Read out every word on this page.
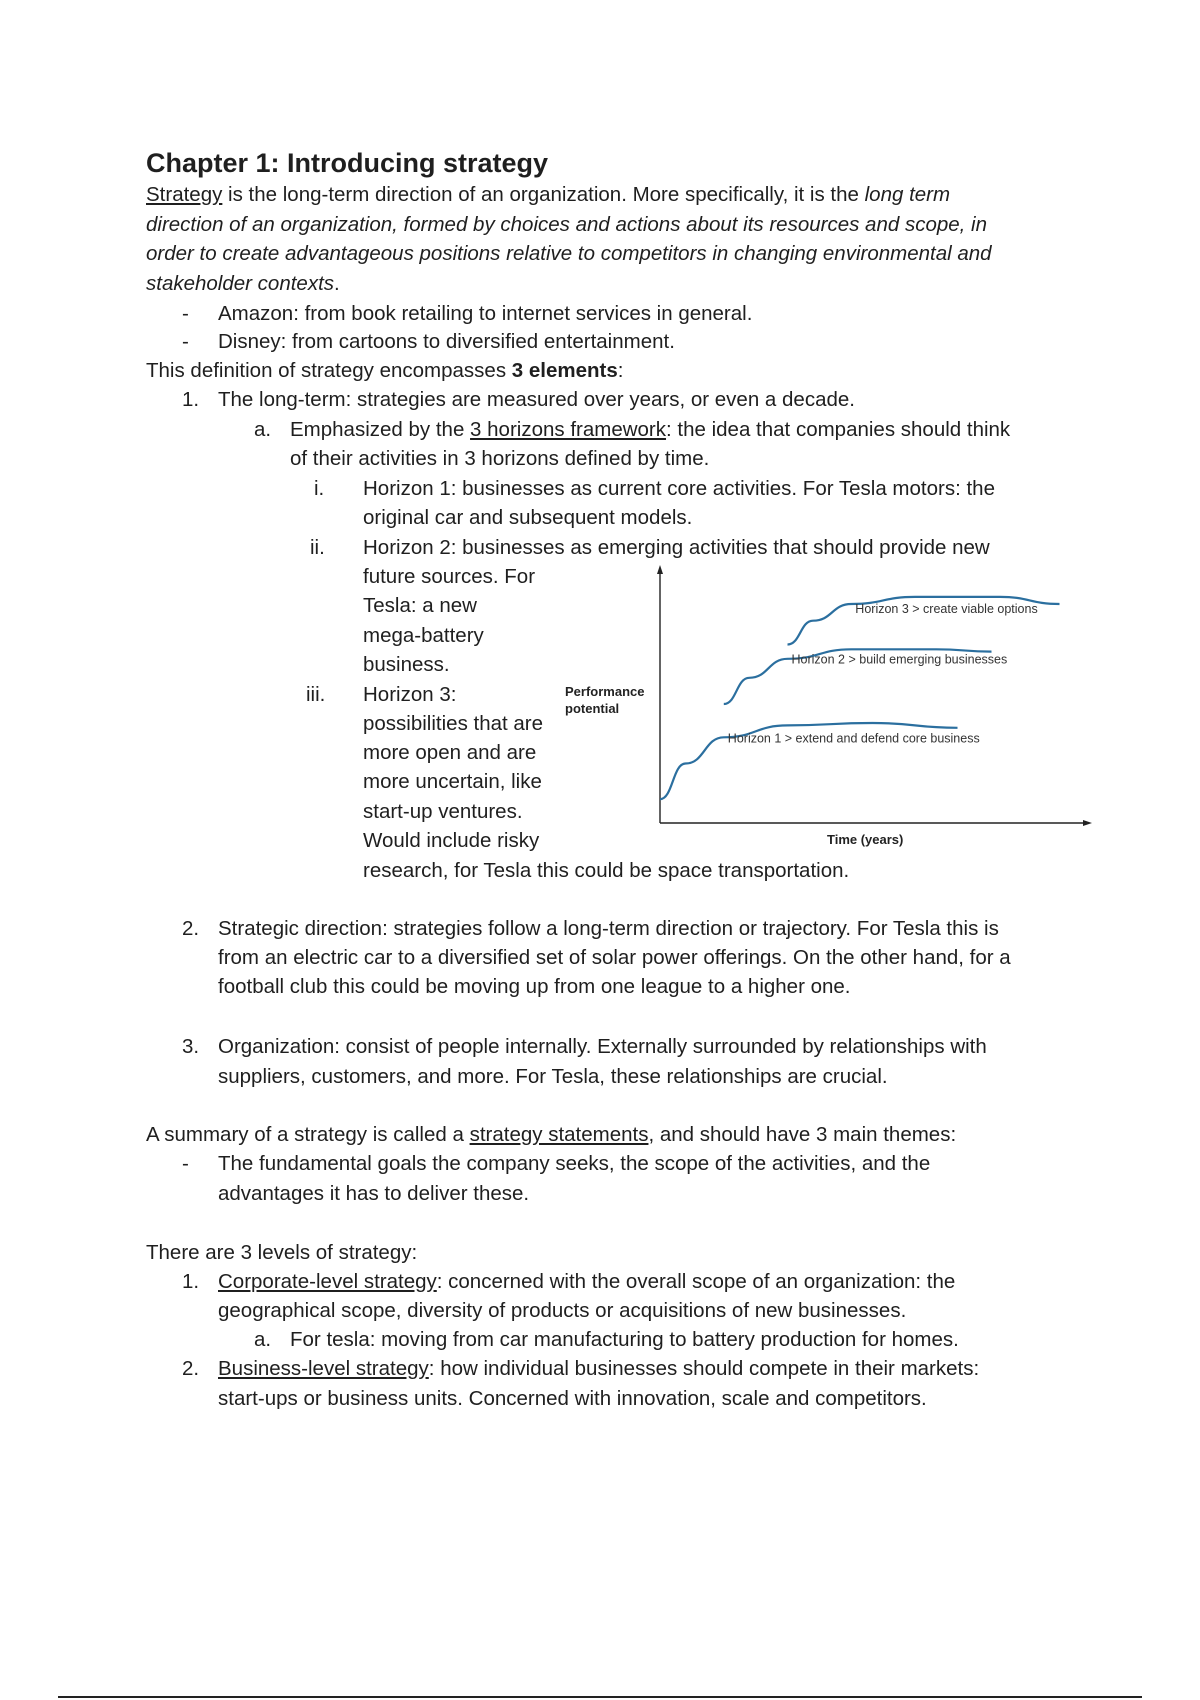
Chapter 1: Introducing strategy
Strategy is the long-term direction of an organization. More specifically, it is the long term
direction of an organization, formed by choices and actions about its resources and scope, in
order to create advantageous positions relative to competitors in changing environmental and
stakeholder contexts.
- Amazon: from book retailing to internet services in general.
- Disney: from cartoons to diversified entertainment.
This definition of strategy encompasses 3 elements:
1. The long-term: strategies are measured over years, or even a decade.
a. Emphasized by the 3 horizons framework: the idea that companies should think
of their activities in 3 horizons defined by time.
i. Horizon 1: businesses as current core activities. For Tesla motors: the
original car and subsequent models.
ii. Horizon 2: businesses as emerging activities that should provide new
future sources. For
Tesla: a new
mega-battery
business.
iii. Horizon 3:
possibilities that are
more open and are
more uncertain, like
start-up ventures.
Would include risky
research, for Tesla this could be space transportation.
Performance
potential
Time (years)
Horizon 1 > extend and defend core business
Horizon 2 > build emerging businesses
Horizon 3 > create viable options
2. Strategic direction: strategies follow a long-term direction or trajectory. For Tesla this is
from an electric car to a diversified set of solar power offerings. On the other hand, for a
football club this could be moving up from one league to a higher one.
3. Organization: consist of people internally. Externally surrounded by relationships with
suppliers, customers, and more. For Tesla, these relationships are crucial.
A summary of a strategy is called a strategy statements, and should have 3 main themes:
- The fundamental goals the company seeks, the scope of the activities, and the
advantages it has to deliver these.
There are 3 levels of strategy:
1. Corporate-level strategy: concerned with the overall scope of an organization: the
geographical scope, diversity of products or acquisitions of new businesses.
a. For tesla: moving from car manufacturing to battery production for homes.
2. Business-level strategy: how individual businesses should compete in their markets:
start-ups or business units. Concerned with innovation, scale and competitors.
